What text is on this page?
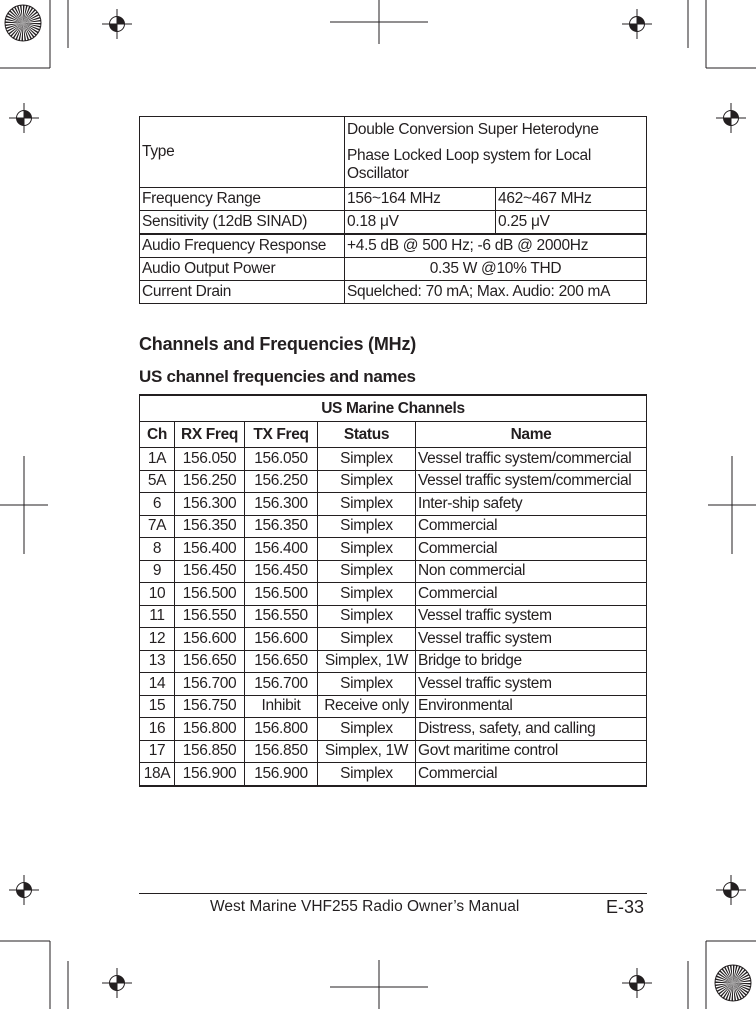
Type	Double Conversion Super Heterodyne
Phase Locked Loop system for Local Oscillator	

Frequency Range	156~164 MHz	462~467 MHz
Sensitivity (12dB SINAD)	0.18 μV	0.25 μV
Audio Frequency Response	+4.5 dB @ 500 Hz; -6 dB @ 2000Hz	
Audio Output Power	0.35 W @10% THD	
Current Drain	Squelched: 70 mA; Max. Audio: 200 mA	
Channels and Frequencies (MHz)
US channel frequencies and names
US Marine Channels				
Ch	RX Freq	TX Freq	Status	Name
1A	156.050	156.050	Simplex	Vessel traffic system/commercial
5A	156.250	156.250	Simplex	Vessel traffic system/commercial
6	156.300	156.300	Simplex	Inter-ship safety
7A	156.350	156.350	Simplex	Commercial
8	156.400	156.400	Simplex	Commercial
9	156.450	156.450	Simplex	Non commercial
10	156.500	156.500	Simplex	Commercial
11	156.550	156.550	Simplex	Vessel traffic system
12	156.600	156.600	Simplex	Vessel traffic system
13	156.650	156.650	Simplex, 1W	Bridge to bridge
14	156.700	156.700	Simplex	Vessel traffic system
15	156.750	Inhibit	Receive only	Environmental
16	156.800	156.800	Simplex	Distress, safety, and calling
17	156.850	156.850	Simplex, 1W	Govt maritime control
18A	156.900	156.900	Simplex	Commercial
West Marine VHF255 Radio Owner’s Manual	E-33
